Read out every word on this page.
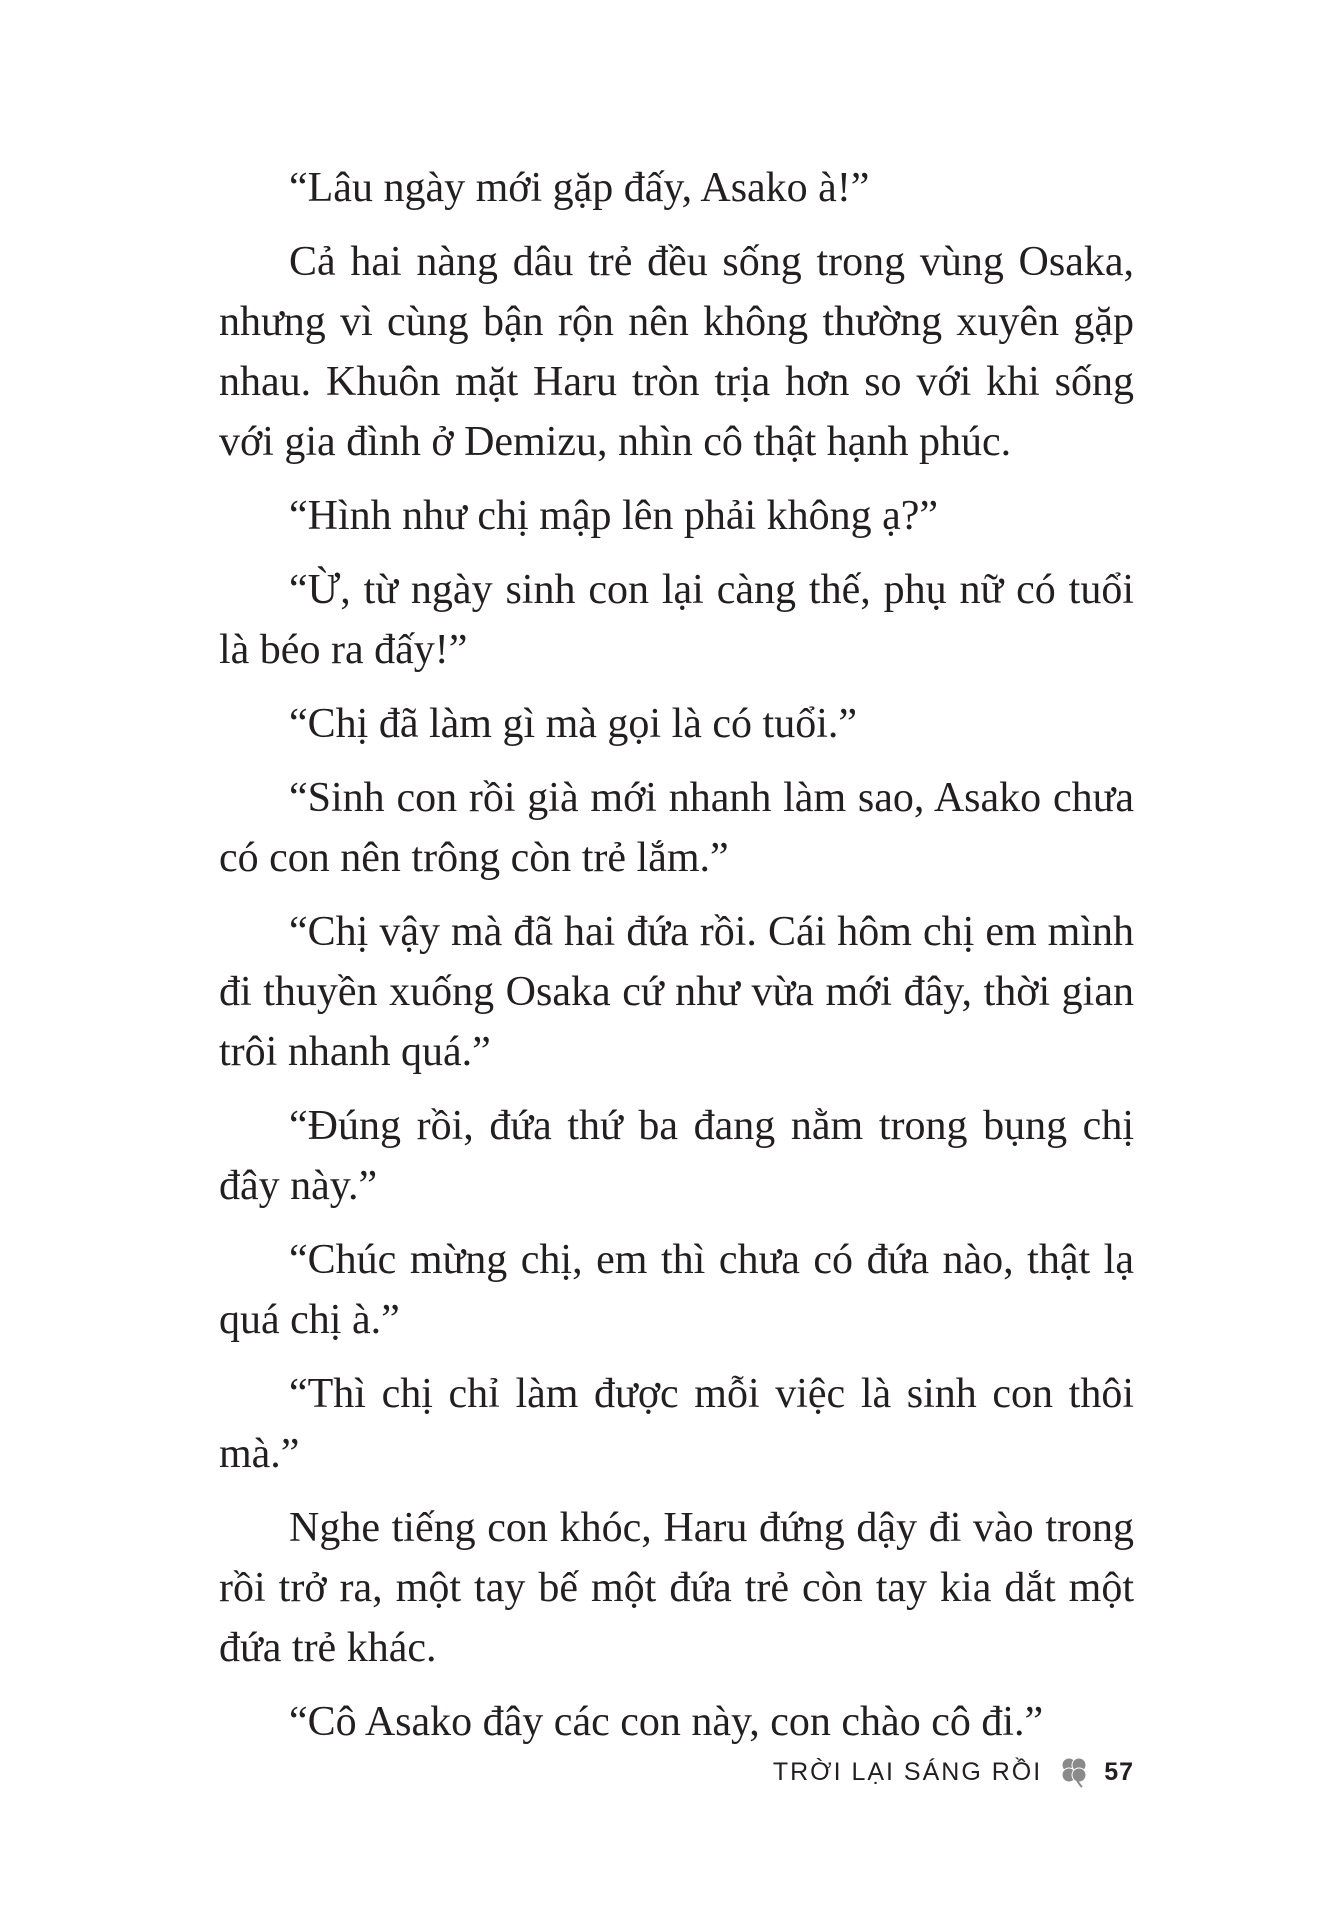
“Lâu ngày mới gặp đấy, Asako à!”

Cả hai nàng dâu trẻ đều sống trong vùng Osaka, nhưng vì cùng bận rộn nên không thường xuyên gặp nhau. Khuôn mặt Haru tròn trịa hơn so với khi sống với gia đình ở Demizu, nhìn cô thật hạnh phúc.

“Hình như chị mập lên phải không ạ?”

“Ừ, từ ngày sinh con lại càng thế, phụ nữ có tuổi là béo ra đấy!”

“Chị đã làm gì mà gọi là có tuổi.”

“Sinh con rồi già mới nhanh làm sao, Asako chưa có con nên trông còn trẻ lắm.”

“Chị vậy mà đã hai đứa rồi. Cái hôm chị em mình đi thuyền xuống Osaka cứ như vừa mới đây, thời gian trôi nhanh quá.”

“Đúng rồi, đứa thứ ba đang nằm trong bụng chị đây này.”

“Chúc mừng chị, em thì chưa có đứa nào, thật lạ quá chị à.”

“Thì chị chỉ làm được mỗi việc là sinh con thôi mà.”

Nghe tiếng con khóc, Haru đứng dậy đi vào trong rồi trở ra, một tay bế một đứa trẻ còn tay kia dắt một đứa trẻ khác.

“Cô Asako đây các con này, con chào cô đi.”

TRỜI LẠI SÁNG RỒI 57
